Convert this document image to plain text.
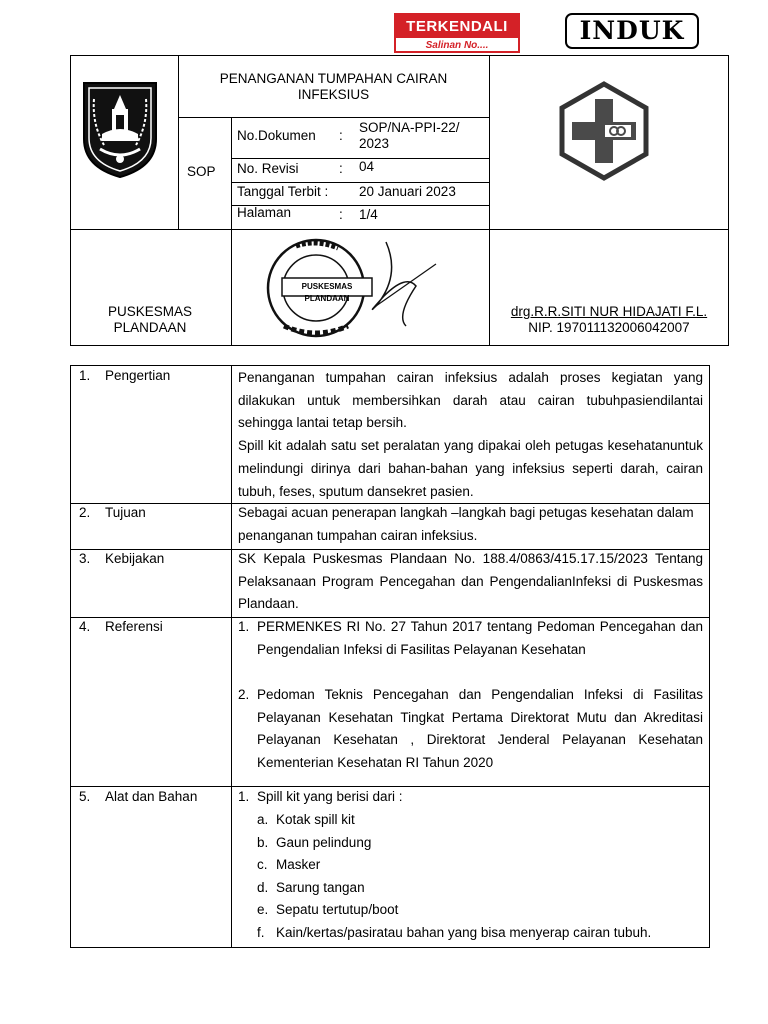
TERKENDALI
Salinan No....
INDUK
PENANGANAN TUMPAHAN CAIRAN INFEKSIUS
SOP
No.Dokumen :
SOP/NA-PPI-22/ 2023
No. Revisi	: 04
Tanggal Terbit : 20 Januari 2023
Halaman	: 1/4
PUSKESMAS PLANDAAN
PUSKESMAS PLANDAAN
drg.R.R.SITI NUR HIDAJATI F.L.
NIP. 197011132006042007
1. Pengertian	Penanganan tumpahan cairan infeksius adalah proses kegiatan yang dilakukan untuk membersihkan darah atau cairan tubuhpasiendilantai sehingga lantai tetap bersih.
Spill kit adalah satu set peralatan yang dipakai oleh petugas kesehatanuntuk melindungi dirinya dari bahan-bahan yang infeksius seperti darah, cairan tubuh, feses, sputum dansekret pasien.
2. Tujuan	Sebagai acuan penerapan langkah –langkah bagi petugas kesehatan dalam penanganan tumpahan cairan infeksius.
3. Kebijakan	SK Kepala Puskesmas Plandaan No. 188.4/0863/415.17.15/2023 Tentang Pelaksanaan Program Pencegahan dan PengendalianInfeksi di Puskesmas Plandaan.
4. Referensi	1. PERMENKES RI No. 27 Tahun 2017 tentang Pedoman Pencegahan dan Pengendalian Infeksi di Fasilitas Pelayanan Kesehatan
2. Pedoman Teknis Pencegahan dan Pengendalian Infeksi di Fasilitas Pelayanan Kesehatan Tingkat Pertama Direktorat Mutu dan Akreditasi Pelayanan Kesehatan , Direktorat Jenderal Pelayanan Kesehatan Kementerian Kesehatan RI Tahun 2020
5. Alat dan Bahan	1. Spill kit yang berisi dari :
a. Kotak spill kit
b. Gaun pelindung
c. Masker
d. Sarung tangan
e. Sepatu tertutup/boot
f. Kain/kertas/pasiratau bahan yang bisa menyerap cairan tubuh.
